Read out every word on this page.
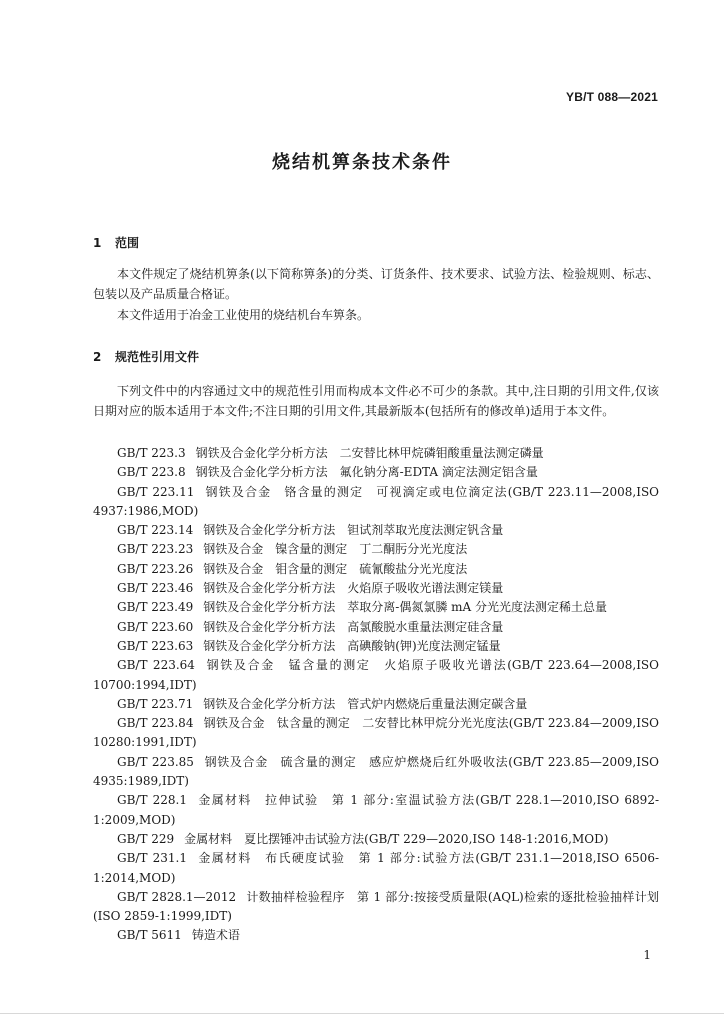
YB/T 088—2021
烧结机箅条技术条件
1 范围
本文件规定了烧结机箅条(以下简称箅条)的分类、订货条件、技术要求、试验方法、检验规则、标志、包装以及产品质量合格证。
本文件适用于冶金工业使用的烧结机台车箅条。
2 规范性引用文件
下列文件中的内容通过文中的规范性引用而构成本文件必不可少的条款。其中,注日期的引用文件,仅该日期对应的版本适用于本文件;不注日期的引用文件,其最新版本(包括所有的修改单)适用于本文件。
GB/T 223.3 钢铁及合金化学分析方法　二安替比林甲烷磷钼酸重量法测定磷量
GB/T 223.8 钢铁及合金化学分析方法　氟化钠分离-EDTA 滴定法测定铝含量
GB/T 223.11 钢铁及合金　铬含量的测定　可视滴定或电位滴定法(GB/T 223.11—2008,ISO 4937:1986,MOD)
GB/T 223.14 钢铁及合金化学分析方法　钽试剂萃取光度法测定钒含量
GB/T 223.23 钢铁及合金　镍含量的测定　丁二酮肟分光光度法
GB/T 223.26 钢铁及合金　钼含量的测定　硫氰酸盐分光光度法
GB/T 223.46 钢铁及合金化学分析方法　火焰原子吸收光谱法测定镁量
GB/T 223.49 钢铁及合金化学分析方法　萃取分离-偶氮氯膦 mA 分光光度法测定稀土总量
GB/T 223.60 钢铁及合金化学分析方法　高氯酸脱水重量法测定硅含量
GB/T 223.63 钢铁及合金化学分析方法　高碘酸钠(钾)光度法测定锰量
GB/T 223.64 钢铁及合金　锰含量的测定　火焰原子吸收光谱法(GB/T 223.64—2008,ISO 10700:1994,IDT)
GB/T 223.71 钢铁及合金化学分析方法　管式炉内燃烧后重量法测定碳含量
GB/T 223.84 钢铁及合金　钛含量的测定　二安替比林甲烷分光光度法(GB/T 223.84—2009,ISO 10280:1991,IDT)
GB/T 223.85 钢铁及合金　硫含量的测定　感应炉燃烧后红外吸收法(GB/T 223.85—2009,ISO 4935:1989,IDT)
GB/T 228.1 金属材料　拉伸试验　第 1 部分:室温试验方法(GB/T 228.1—2010,ISO 6892-1:2009,MOD)
GB/T 229 金属材料　夏比摆锤冲击试验方法(GB/T 229—2020,ISO 148-1:2016,MOD)
GB/T 231.1 金属材料　布氏硬度试验　第 1 部分:试验方法(GB/T 231.1—2018,ISO 6506-1:2014,MOD)
GB/T 2828.1—2012 计数抽样检验程序　第 1 部分:按接受质量限(AQL)检索的逐批检验抽样计划(ISO 2859-1:1999,IDT)
GB/T 5611 铸造术语
1
